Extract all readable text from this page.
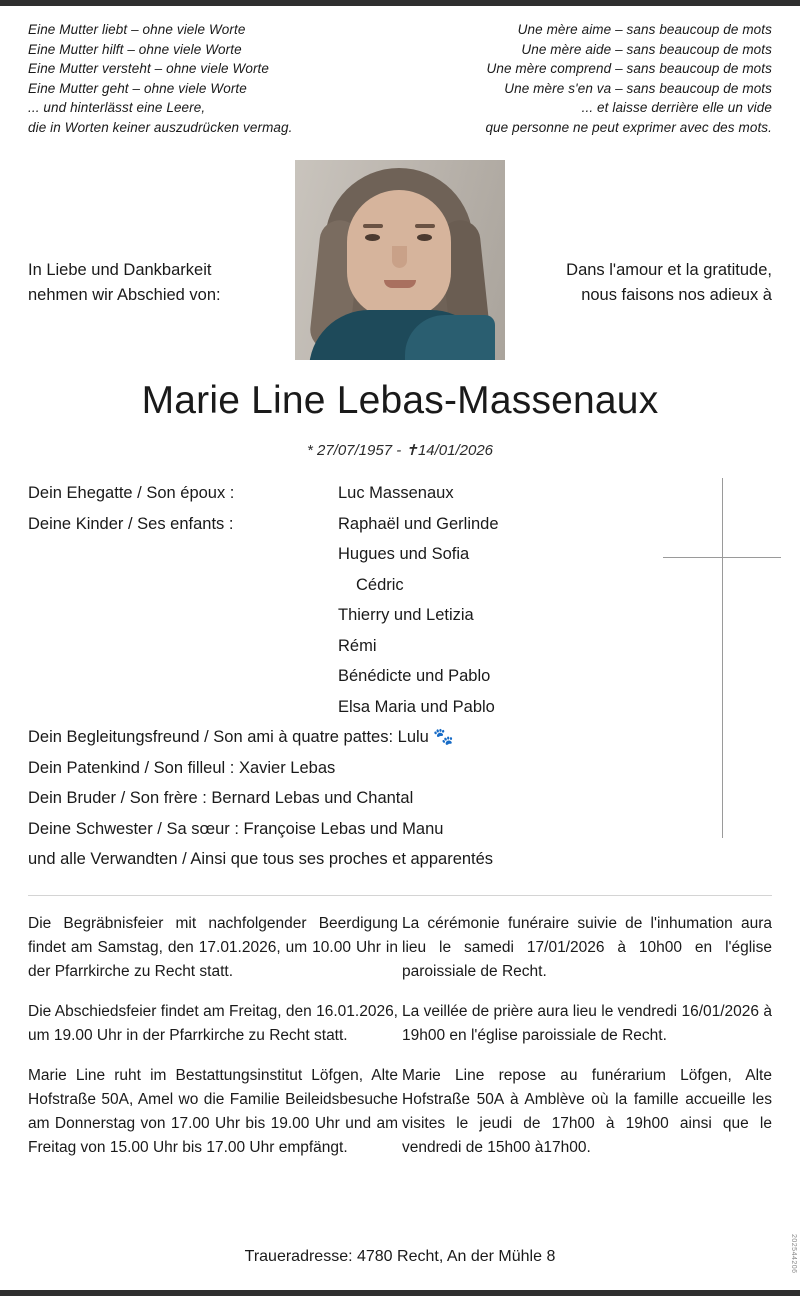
Eine Mutter liebt – ohne viele Worte
Eine Mutter hilft – ohne viele Worte
Eine Mutter versteht – ohne viele Worte
Eine Mutter geht – ohne viele Worte
... und hinterlässt eine Leere,
die in Worten keiner auszudrücken vermag.
Une mère aime – sans beaucoup de mots
Une mère aide – sans beaucoup de mots
Une mère comprend – sans beaucoup de mots
Une mère s'en va – sans beaucoup de mots
... et laisse derrière elle un vide
que personne ne peut exprimer avec des mots.
In Liebe und Dankbarkeit
nehmen wir Abschied von:
Dans l'amour et la gratitude,
nous faisons nos adieux à
Marie Line Lebas-Massenaux
* 27/07/1957 - ✝14/01/2026
Dein Ehegatte / Son époux :	Luc Massenaux
Deine Kinder / Ses enfants :	Raphaël und Gerlinde
Hugues und Sofia
Cédric
Thierry und Letizia
Rémi
Bénédicte und Pablo
Elsa Maria und Pablo
Dein Begleitungsfreund / Son ami à quatre pattes: Lulu 🐾
Dein Patenkind / Son filleul : Xavier Lebas
Dein Bruder / Son frère : Bernard Lebas und Chantal
Deine Schwester / Sa sœur : Françoise Lebas und Manu
und alle Verwandten / Ainsi que tous ses proches et apparentés

Die Begräbnisfeier mit nachfolgender Beerdigung findet am Samstag, den 17.01.2026, um 10.00 Uhr in der Pfarrkirche zu Recht statt.

Die Abschiedsfeier findet am Freitag, den 16.01.2026, um 19.00 Uhr in der Pfarrkirche zu Recht statt.

Marie Line ruht im Bestattungsinstitut Löfgen, Alte Hofstraße 50A, Amel wo die Familie Beileidsbesuche am Donnerstag von 17.00 Uhr bis 19.00 Uhr und am Freitag von 15.00 Uhr bis 17.00 Uhr empfängt.

La cérémonie funéraire suivie de l'inhumation aura lieu le samedi 17/01/2026 à 10h00 en l'église paroissiale de Recht.

La veillée de prière aura lieu le vendredi 16/01/2026 à 19h00 en l'église paroissiale de Recht.

Marie Line repose au funérarium Löfgen, Alte Hofstraße 50A à Amblève où la famille accueille les visites le jeudi de 17h00 à 19h00 ainsi que le vendredi de 15h00 à17h00.

Traueradresse: 4780 Recht, An der Mühle 8	202544206
